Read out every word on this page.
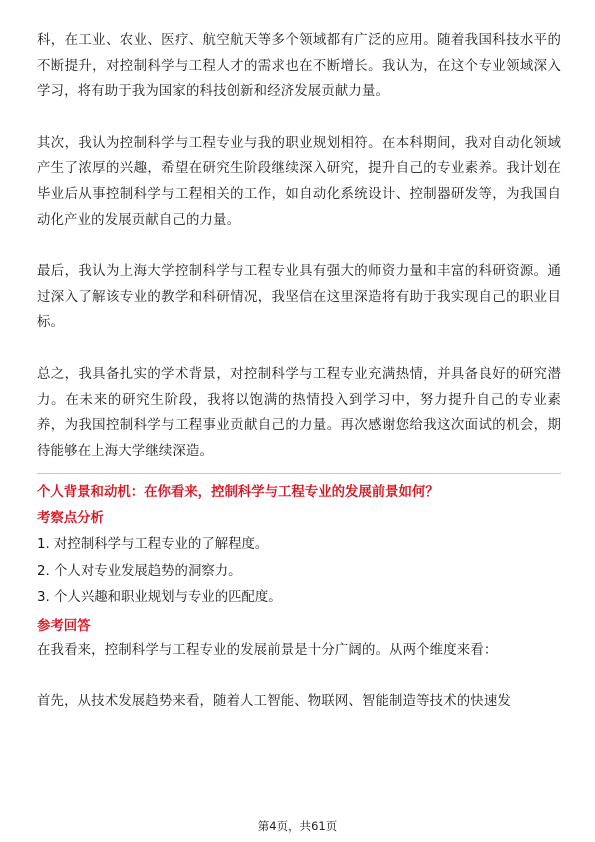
科，在工业、农业、医疗、航空航天等多个领域都有广泛的应用。随着我国科技水平的不断提升，对控制科学与工程人才的需求也在不断增长。我认为，在这个专业领域深入学习，将有助于我为国家的科技创新和经济发展贡献力量。

其次，我认为控制科学与工程专业与我的职业规划相符。在本科期间，我对自动化领域产生了浓厚的兴趣，希望在研究生阶段继续深入研究，提升自己的专业素养。我计划在毕业后从事控制科学与工程相关的工作，如自动化系统设计、控制器研发等，为我国自动化产业的发展贡献自己的力量。

最后，我认为上海大学控制科学与工程专业具有强大的师资力量和丰富的科研资源。通过深入了解该专业的教学和科研情况，我坚信在这里深造将有助于我实现自己的职业目标。

总之，我具备扎实的学术背景，对控制科学与工程专业充满热情，并具备良好的研究潜力。在未来的研究生阶段，我将以饱满的热情投入到学习中，努力提升自己的专业素养，为我国控制科学与工程事业贡献自己的力量。再次感谢您给我这次面试的机会，期待能够在上海大学继续深造。

个人背景和动机：在你看来，控制科学与工程专业的发展前景如何？

考察点分析

1. 对控制科学与工程专业的了解程度。
2. 个人对专业发展趋势的洞察力。
3. 个人兴趣和职业规划与专业的匹配度。

参考回答

在我看来，控制科学与工程专业的发展前景是十分广阔的。从两个维度来看：

首先，从技术发展趋势来看，随着人工智能、物联网、智能制造等技术的快速发

第4页，共61页
